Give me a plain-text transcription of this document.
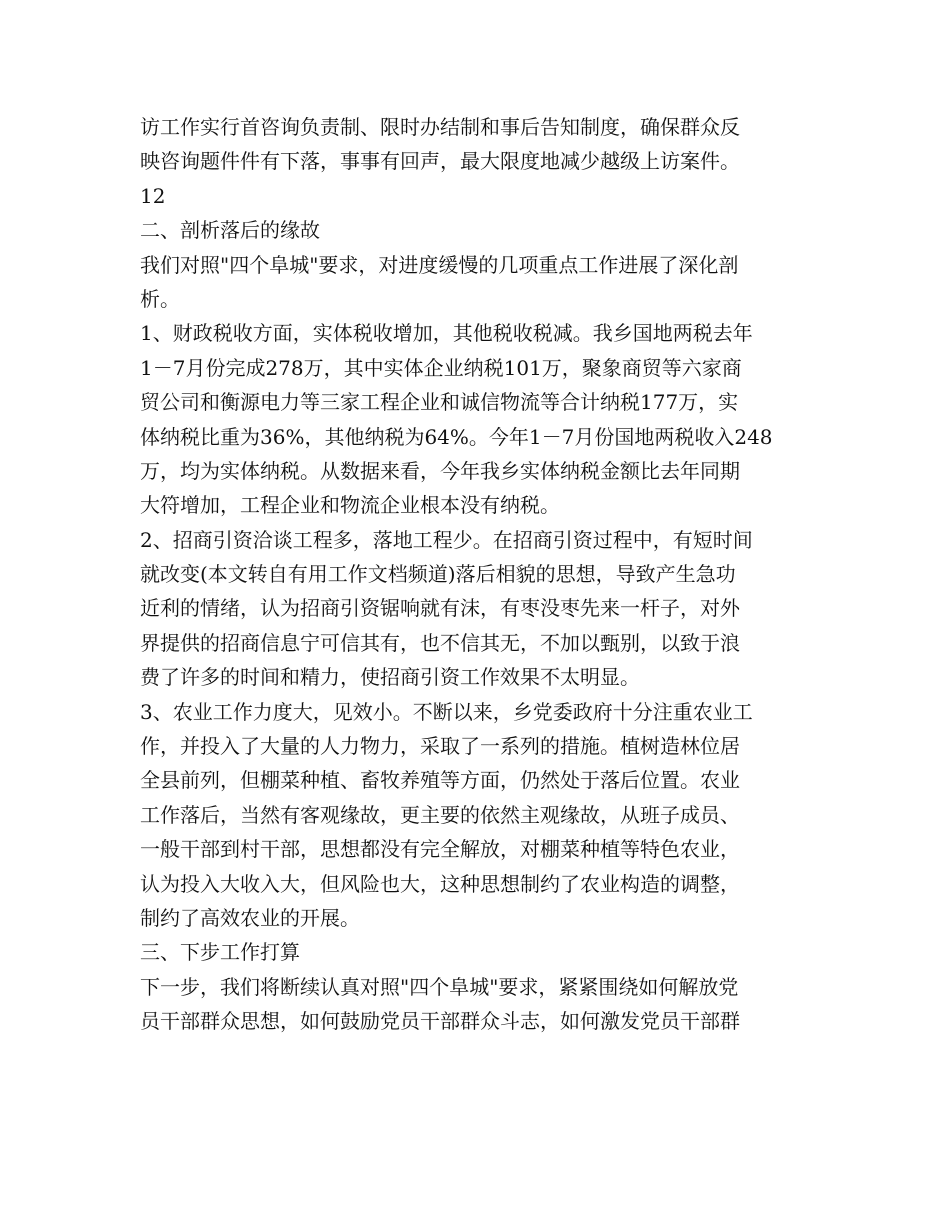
访工作实行首咨询负责制、限时办结制和事后告知制度，确保群众反
映咨询题件件有下落，事事有回声，最大限度地减少越级上访案件。
12
二、剖析落后的缘故
我们对照"四个阜城"要求，对进度缓慢的几项重点工作进展了深化剖
析。
1、财政税收方面，实体税收增加，其他税收税减。我乡国地两税去年
1－7月份完成278万，其中实体企业纳税101万，聚象商贸等六家商
贸公司和衡源电力等三家工程企业和诚信物流等合计纳税177万，实
体纳税比重为36%，其他纳税为64%。今年1－7月份国地两税收入248
万，均为实体纳税。从数据来看，今年我乡实体纳税金额比去年同期
大符增加，工程企业和物流企业根本没有纳税。
2、招商引资洽谈工程多，落地工程少。在招商引资过程中，有短时间
就改变(本文转自有用工作文档频道)落后相貌的思想，导致产生急功
近利的情绪，认为招商引资锯响就有沫，有枣没枣先来一杆子，对外
界提供的招商信息宁可信其有，也不信其无，不加以甄别，以致于浪
费了许多的时间和精力，使招商引资工作效果不太明显。
3、农业工作力度大，见效小。不断以来，乡党委政府十分注重农业工
作，并投入了大量的人力物力，采取了一系列的措施。植树造林位居
全县前列，但棚菜种植、畜牧养殖等方面，仍然处于落后位置。农业
工作落后，当然有客观缘故，更主要的依然主观缘故，从班子成员、
一般干部到村干部，思想都没有完全解放，对棚菜种植等特色农业，
认为投入大收入大，但风险也大，这种思想制约了农业构造的调整，
制约了高效农业的开展。
三、下步工作打算
下一步，我们将断续认真对照"四个阜城"要求，紧紧围绕如何解放党
员干部群众思想，如何鼓励党员干部群众斗志，如何激发党员干部群
